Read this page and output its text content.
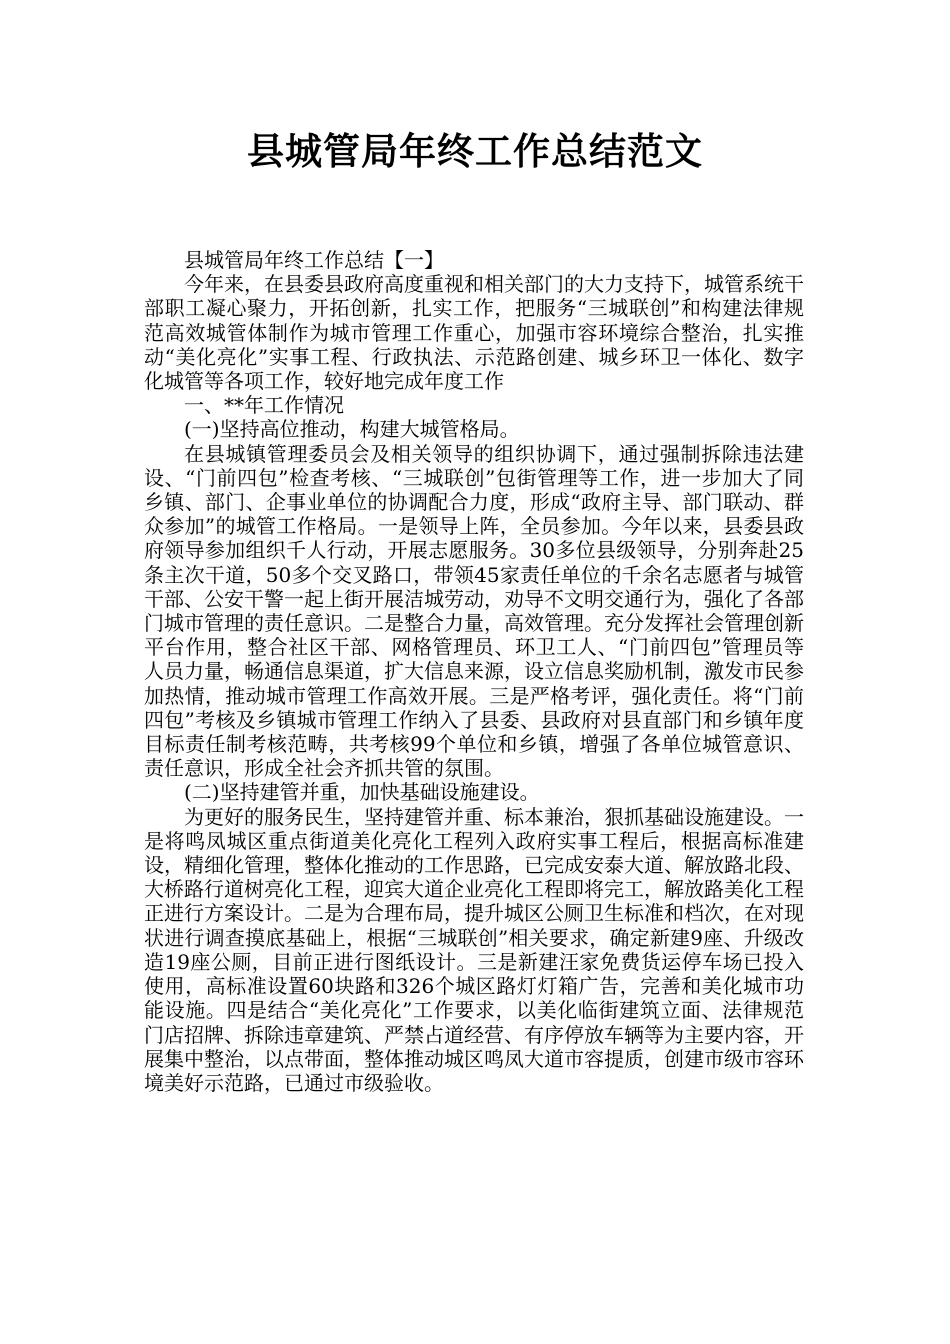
县城管局年终工作总结范文

县城管局年终工作总结【一】

今年来，在县委县政府高度重视和相关部门的大力支持下，城管系统干部职工凝心聚力，开拓创新，扎实工作，把服务“三城联创”和构建法律规范高效城管体制作为城市管理工作重心，加强市容环境综合整治，扎实推动“美化亮化”实事工程、行政执法、示范路创建、城乡环卫一体化、数字化城管等各项工作，较好地完成年度工作

一、**年工作情况

(一)坚持高位推动，构建大城管格局。

在县城镇管理委员会及相关领导的组织协调下，通过强制拆除违法建设、“门前四包”检查考核、“三城联创”包街管理等工作，进一步加大了同乡镇、部门、企事业单位的协调配合力度，形成“政府主导、部门联动、群众参加”的城管工作格局。一是领导上阵，全员参加。今年以来，县委县政府领导参加组织千人行动，开展志愿服务。30多位县级领导，分别奔赴25条主次干道，50多个交叉路口，带领45家责任单位的千余名志愿者与城管干部、公安干警一起上街开展洁城劳动，劝导不文明交通行为，强化了各部门城市管理的责任意识。二是整合力量，高效管理。充分发挥社会管理创新平台作用，整合社区干部、网格管理员、环卫工人、“门前四包”管理员等人员力量，畅通信息渠道，扩大信息来源，设立信息奖励机制，激发市民参加热情，推动城市管理工作高效开展。三是严格考评，强化责任。将“门前四包”考核及乡镇城市管理工作纳入了县委、县政府对县直部门和乡镇年度目标责任制考核范畴，共考核99个单位和乡镇，增强了各单位城管意识、责任意识，形成全社会齐抓共管的氛围。

(二)坚持建管并重，加快基础设施建设。

为更好的服务民生，坚持建管并重、标本兼治，狠抓基础设施建设。一是将鸣凤城区重点街道美化亮化工程列入政府实事工程后，根据高标准建设，精细化管理，整体化推动的工作思路，已完成安泰大道、解放路北段、大桥路行道树亮化工程，迎宾大道企业亮化工程即将完工，解放路美化工程正进行方案设计。二是为合理布局，提升城区公厕卫生标准和档次，在对现状进行调查摸底基础上，根据“三城联创”相关要求，确定新建9座、升级改造19座公厕，目前正进行图纸设计。三是新建汪家免费货运停车场已投入使用，高标准设置60块路和326个城区路灯灯箱广告，完善和美化城市功能设施。四是结合“美化亮化”工作要求，以美化临街建筑立面、法律规范门店招牌、拆除违章建筑、严禁占道经营、有序停放车辆等为主要内容，开展集中整治，以点带面，整体推动城区鸣凤大道市容提质，创建市级市容环境美好示范路，已通过市级验收。
